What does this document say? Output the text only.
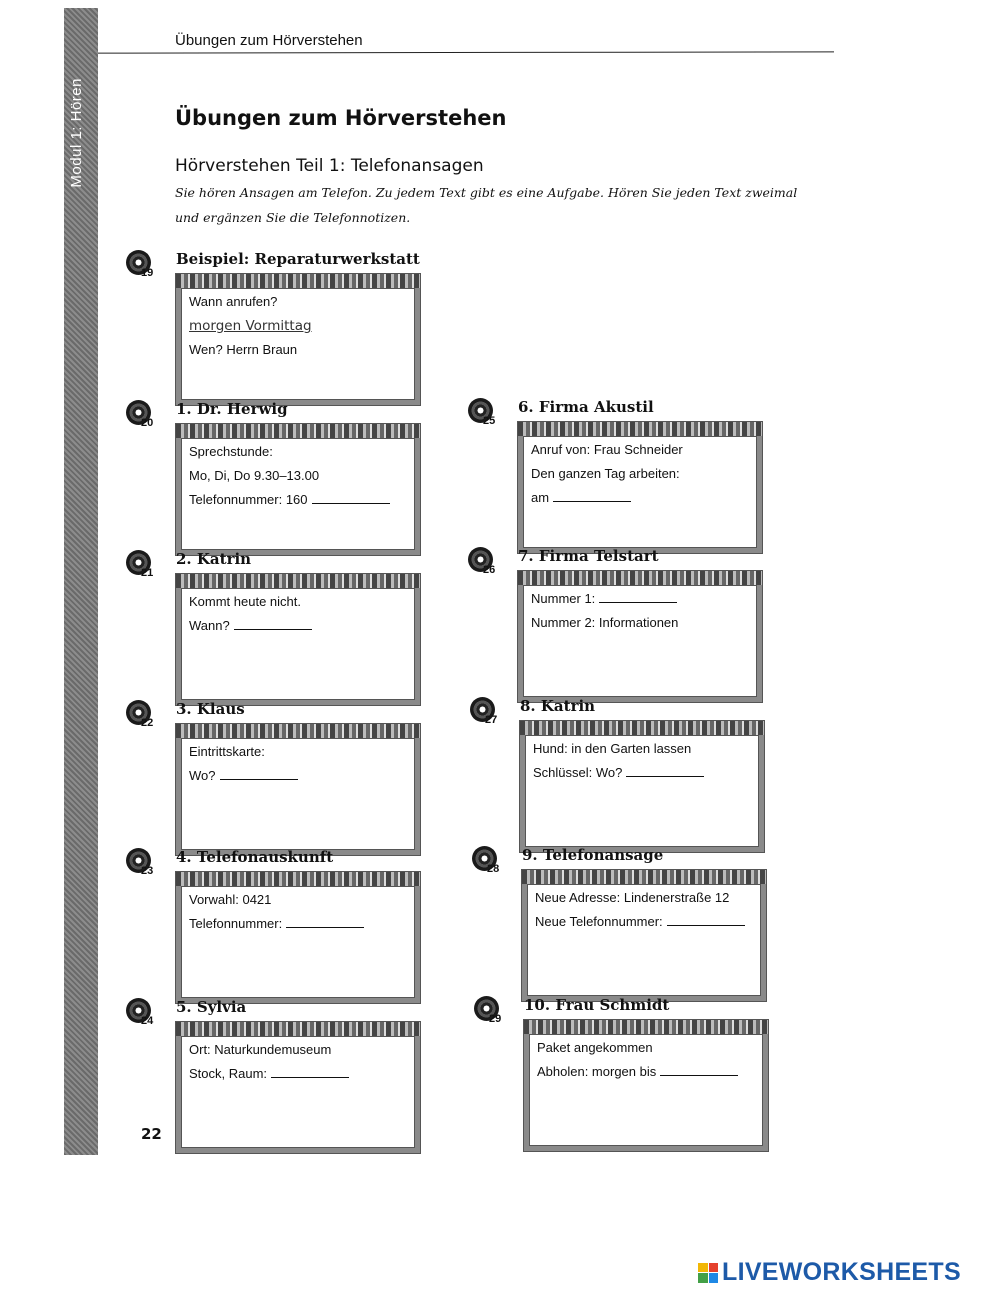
Modul 1: Hören
Übungen zum Hörverstehen
Übungen zum Hörverstehen
Hörverstehen Teil 1: Telefonansagen
Sie hören Ansagen am Telefon. Zu jedem Text gibt es eine Aufgabe. Hören Sie jeden Text zweimal und ergänzen Sie die Telefonnotizen.
19
Beispiel: Reparaturwerkstatt
Wann anrufen?
morgen Vormittag
Wen? Herrn Braun
20
1. Dr. Herwig
Sprechstunde:
Mo, Di, Do 9.30–13.00
Telefonnummer: 160
21
2. Katrin
Kommt heute nicht.
Wann?
22
3. Klaus
Eintrittskarte:
Wo?
23
4. Telefonauskunft
Vorwahl: 0421
Telefonnummer:
24
5. Sylvia
Ort: Naturkundemuseum
Stock, Raum:
25
6. Firma Akustil
Anruf von: Frau Schneider
Den ganzen Tag arbeiten:
am
26
7. Firma Telstart
Nummer 1:
Nummer 2: Informationen
27
8. Katrin
Hund: in den Garten lassen
Schlüssel: Wo?
28
9. Telefonansage
Neue Adresse: Lindenerstraße 12
Neue Telefonnummer:
29
10. Frau Schmidt
Paket angekommen
Abholen: morgen bis
22
LIVEWORKSHEETS
